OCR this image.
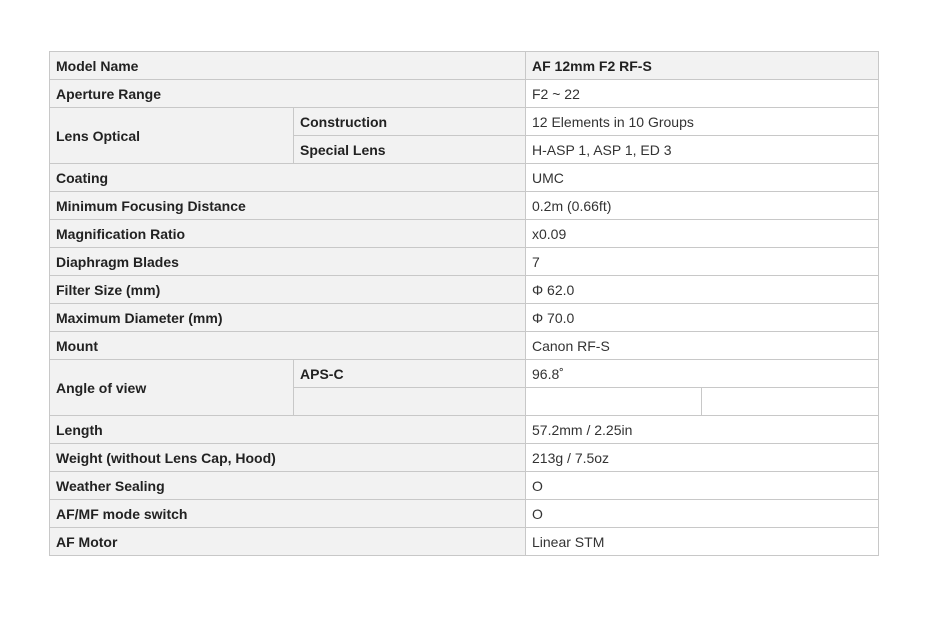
Model Name		AF 12mm F2 RF-S	
Aperture Range		F2 ~ 22	
Lens Optical	Construction	12 Elements in 10 Groups	
	Special Lens	H-ASP 1, ASP 1, ED 3	
Coating		UMC	
Minimum Focusing Distance		0.2m (0.66ft)	
Magnification Ratio		x0.09	
Diaphragm Blades		7	
Filter Size (mm)		Φ 62.0	
Maximum Diameter (mm)		Φ 70.0	
Mount		Canon RF-S	
Angle of view	APS-C	96.8˚	

Length		57.2mm / 2.25in	
Weight (without Lens Cap, Hood)		213g / 7.5oz	
Weather Sealing		O	
AF/MF mode switch		O	
AF Motor		Linear STM	
